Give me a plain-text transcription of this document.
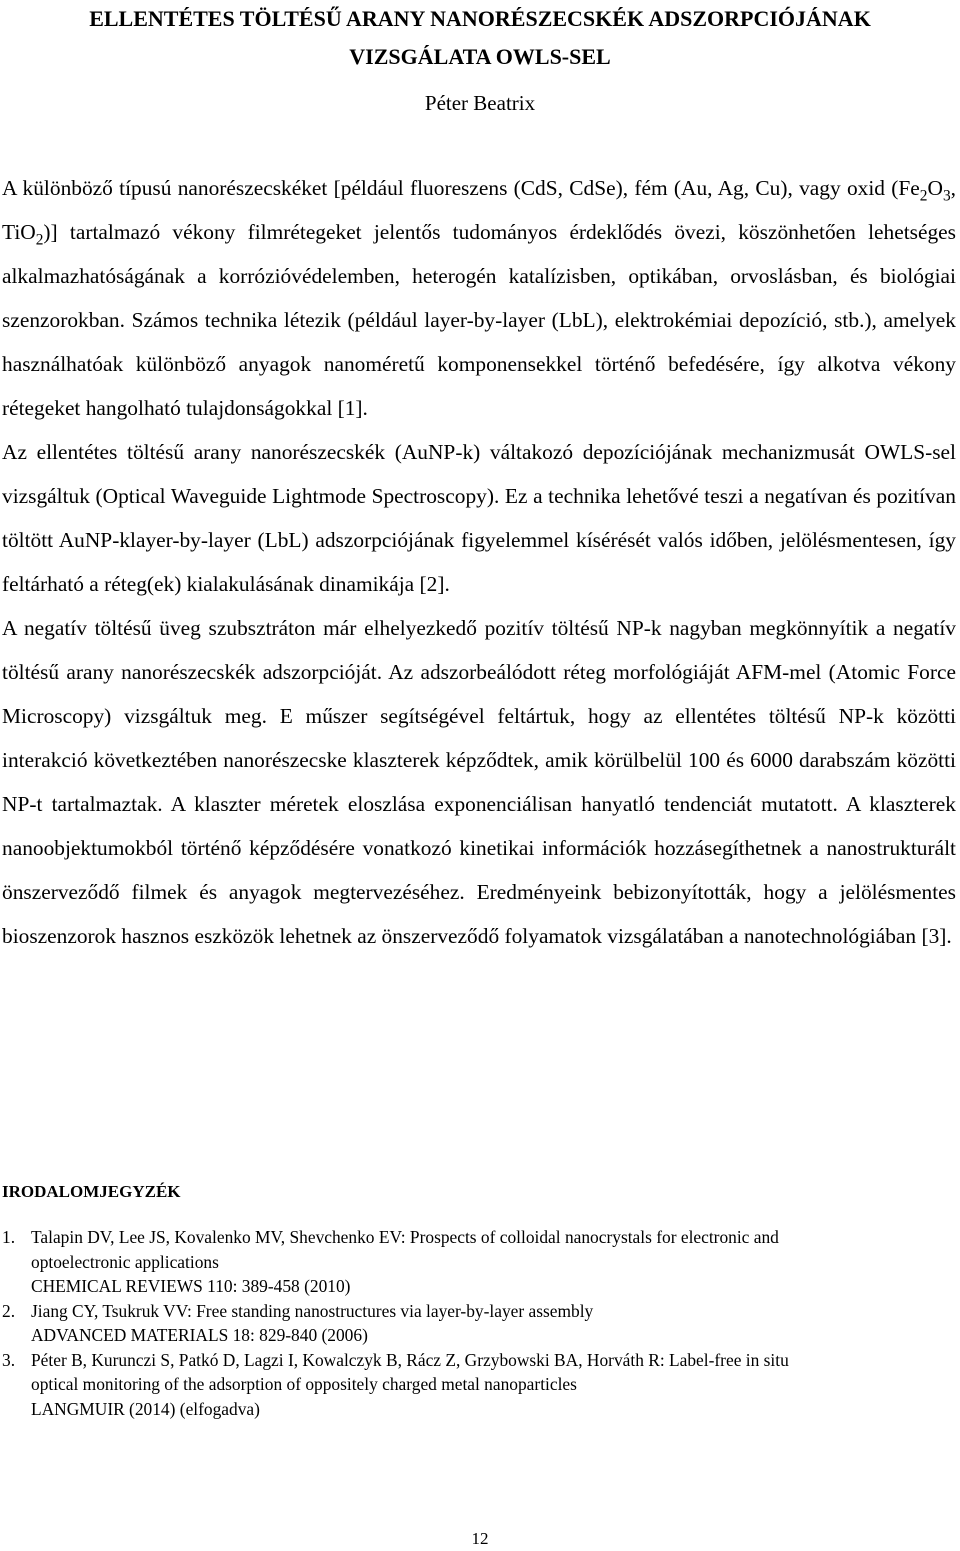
ELLENTÉTES TÖLTÉSŰ ARANY NANORÉSZECSKÉK ADSZORPCIÓJÁNAK
VIZSGÁLATA OWLS-SEL

Péter Beatrix

A különböző típusú nanorészecskéket [például fluoreszens (CdS, CdSe), fém (Au, Ag, Cu), vagy oxid ($Fe_2O_3$, TiO$_2$)] tartalmazó vékony filmrétegeket jelentős tudományos érdeklődés övezi, köszönhetően lehetséges alkalmazhatóságának a korrózióvédelemben, heterogén katalízisben, optikában, orvoslásban, és biológiai szenzorokban. Számos technika létezik (például layer-by-layer (LbL), elektrokémiai depozíció, stb.), amelyek használhatóak különböző anyagok nanoméretű komponensekkel történő befedésére, így alkotva vékony rétegeket hangolható tulajdonságokkal [1].

Az ellentétes töltésű arany nanorészecskék (AuNP-k) váltakozó depozíciójának mechanizmusát OWLS-sel vizsgáltuk (Optical Waveguide Lightmode Spectroscopy). Ez a technika lehetővé teszi a negatívan és pozitívan töltött AuNP-klayer-by-layer (LbL) adszorpciójának figyelemmel kísérését valós időben, jelölésmentesen, így feltárható a réteg(ek) kialakulásának dinamikája [2].

A negatív töltésű üveg szubsztráton már elhelyezkedő pozitív töltésű NP-k nagyban megkönnyítik a negatív töltésű arany nanorészecskék adszorpcióját. Az adszorbeálódott réteg morfológiáját AFM-mel (Atomic Force Microscopy) vizsgáltuk meg. E műszer segítségével feltártuk, hogy az ellentétes töltésű NP-k közötti interakció következtében nanorészecske klaszterek képződtek, amik körülbelül 100 és 6000 darabszám közötti NP-t tartalmaztak. A klaszter méretek eloszlása exponenciálisan hanyatló tendenciát mutatott. A klaszterek nanoobjektumokból történő képződésére vonatkozó kinetikai információk hozzásegíthetnek a nanostrukturált önszerveződő filmek és anyagok megtervezéséhez. Eredményeink bebizonyították, hogy a jelölésmentes bioszenzorok hasznos eszközök lehetnek az önszerveződő folyamatok vizsgálatában a nanotechnológiában [3].

IRODALOMJEGYZÉK
1. Talapin DV, Lee JS, Kovalenko MV, Shevchenko EV: Prospects of colloidal nanocrystals for electronic and
optoelectronic applications
CHEMICAL REVIEWS 110: 389-458 (2010)
2. Jiang CY, Tsukruk VV: Free standing nanostructures via layer-by-layer assembly
ADVANCED MATERIALS 18: 829-840 (2006)
3. Péter B, Kurunczi S, Patkó D, Lagzi I, Kowalczyk B, Rácz Z, Grzybowski BA, Horváth R: Label-free in situ
optical monitoring of the adsorption of oppositely charged metal nanoparticles
LANGMUIR (2014) (elfogadva)
12
